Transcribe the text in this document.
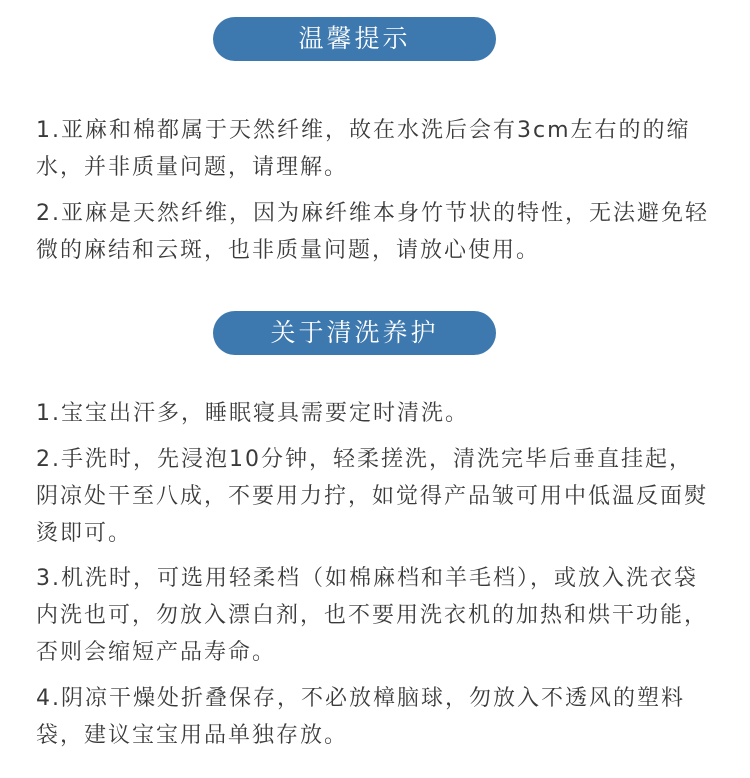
温馨提示

1.亚麻和棉都属于天然纤维，故在水洗后会有3cm左右的的缩水，并非质量问题，请理解。

2.亚麻是天然纤维，因为麻纤维本身竹节状的特性，无法避免轻微的麻结和云斑，也非质量问题，请放心使用。

关于清洗养护

1.宝宝出汗多，睡眠寝具需要定时清洗。

2.手洗时，先浸泡10分钟，轻柔搓洗，清洗完毕后垂直挂起，阴凉处干至八成，不要用力拧，如觉得产品皱可用中低温反面熨烫即可。

3.机洗时，可选用轻柔档（如棉麻档和羊毛档），或放入洗衣袋内洗也可，勿放入漂白剂，也不要用洗衣机的加热和烘干功能，否则会缩短产品寿命。

4.阴凉干燥处折叠保存，不必放樟脑球，勿放入不透风的塑料袋，建议宝宝用品单独存放。
